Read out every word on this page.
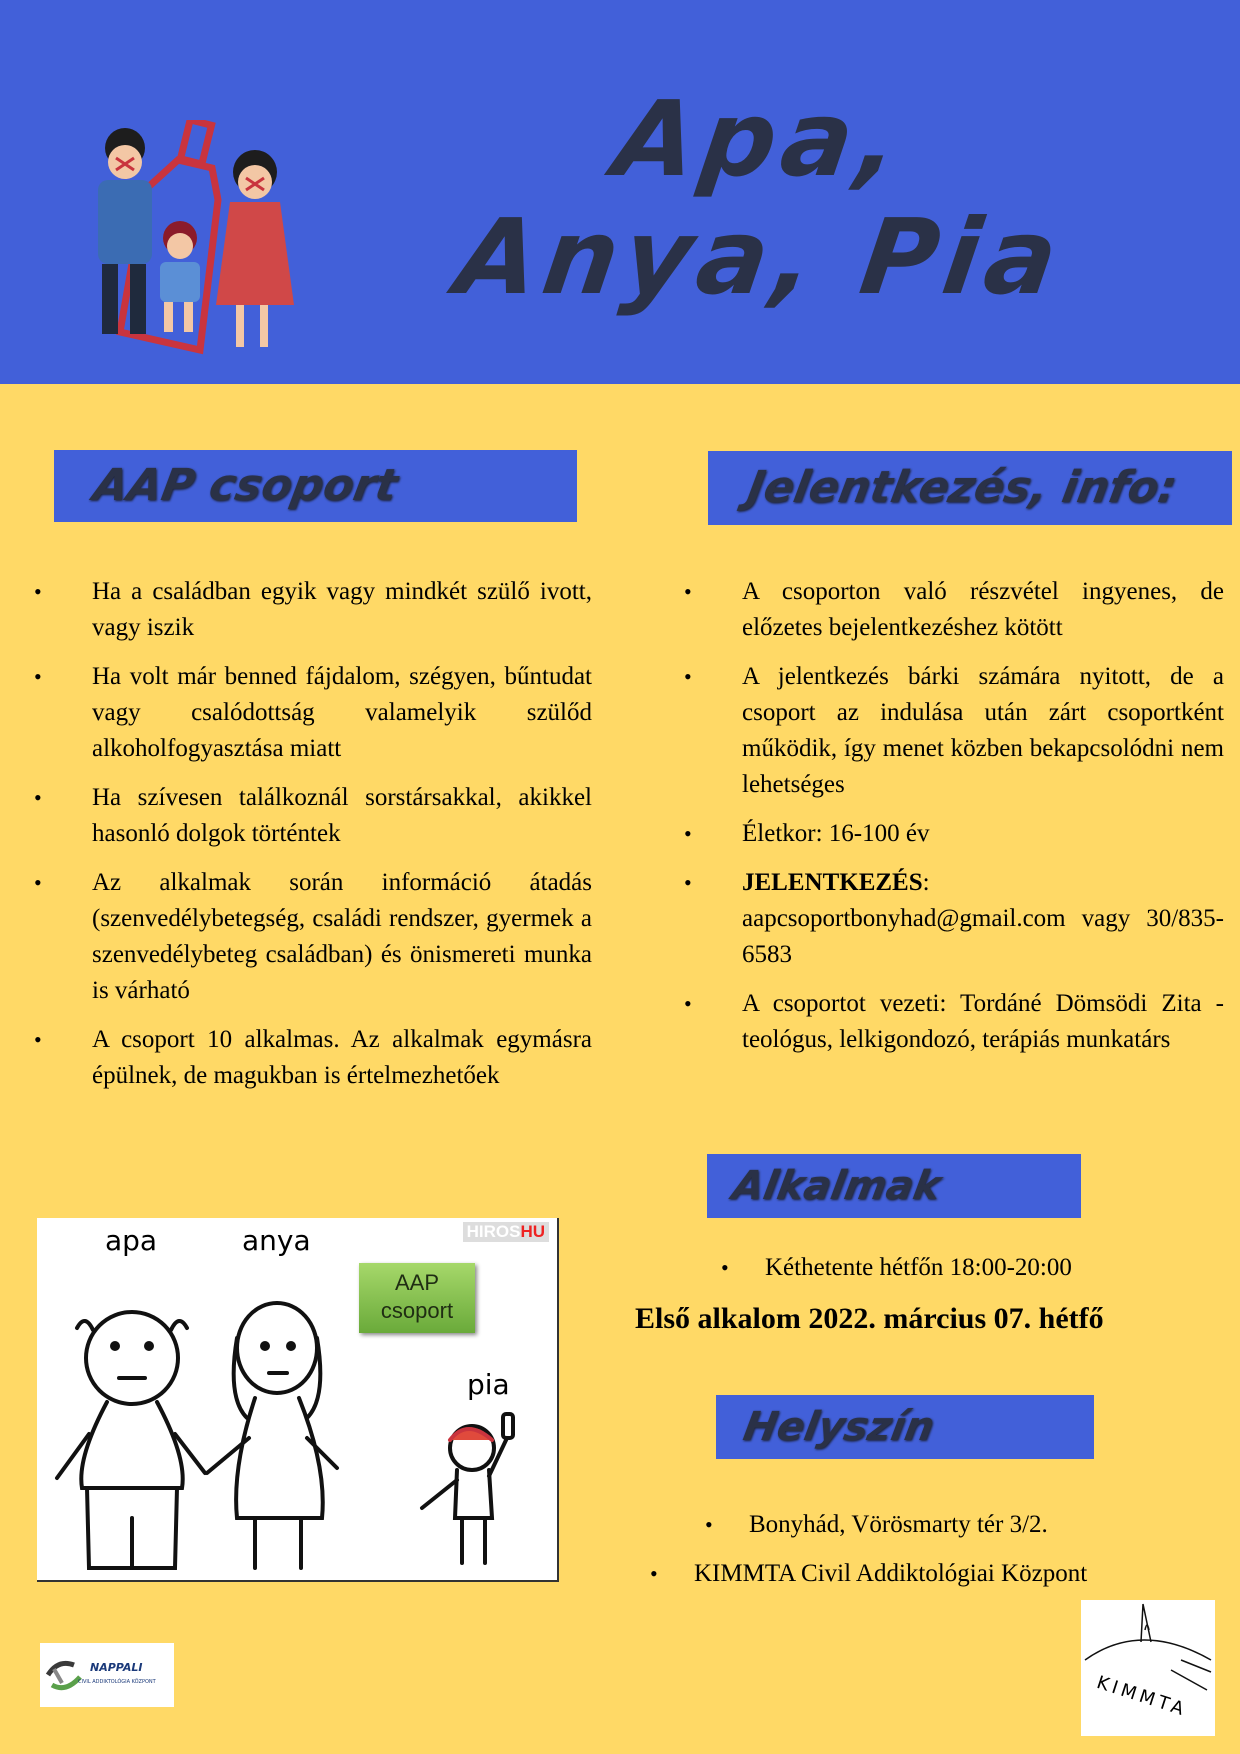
Apa,
Anya, Pia
AAP csoport
• Ha a családban egyik vagy mindkét szülő ivott, vagy iszik
• Ha volt már benned fájdalom, szégyen, bűntudat vagy csalódottság valamelyik szülőd alkoholfogyasztása miatt
• Ha szívesen találkoznál sorstársakkal, akikkel hasonló dolgok történtek
• Az alkalmak során információ átadás (szenvedélybetegség, családi rendszer, gyermek a szenvedélybeteg családban) és önismereti munka is várható
• A csoport 10 alkalmas. Az alkalmak egymásra épülnek, de magukban is értelmezhetőek
Jelentkezés, info:
• A csoporton való részvétel ingyenes, de előzetes bejelentkezéshez kötött
• A jelentkezés bárki számára nyitott, de a csoport az indulása után zárt csoportként működik, így menet közben bekapcsolódni nem lehetséges
• Életkor: 16-100 év
• JELENTKEZÉS:
aapcsoportbonyhad@gmail.com vagy 30/835-6583
• A csoportot vezeti: Tordáné Dömsödi Zita - teológus, lelkigondozó, terápiás munkatárs
Alkalmak
• Kéthetente hétfőn 18:00-20:00
Első alkalom 2022. március 07. hétfő
Helyszín
• Bonyhád, Vörösmarty tér 3/2.
• KIMMTA Civil Addiktológiai Központ
apa	anya
pia
AAP
csoport
HIROSHU
NAPPALI
CIVIL ADDIKTOLÓGIA KÖZPONT	KIMMTA
